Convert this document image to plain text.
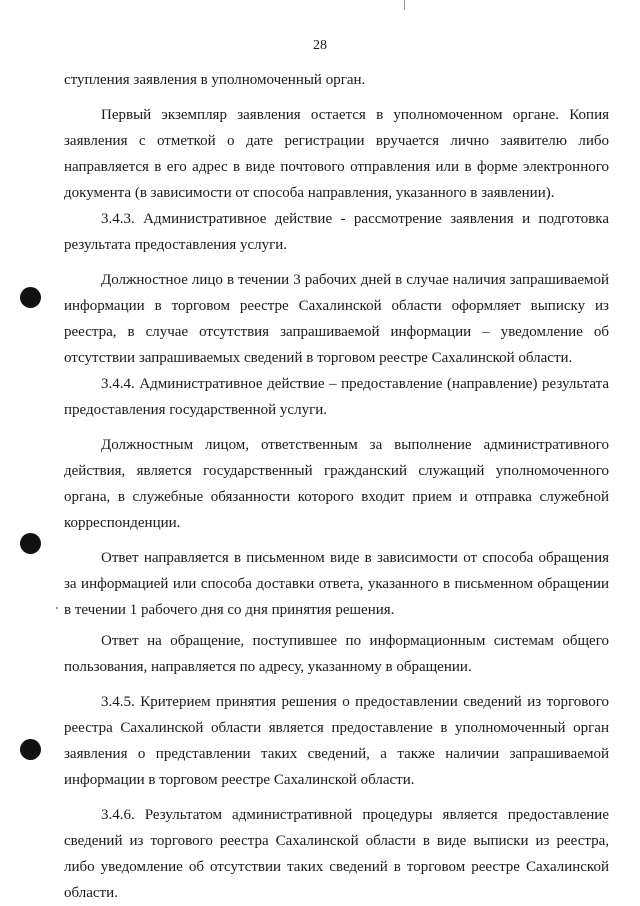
28

ступления заявления в уполномоченный орган.

Первый экземпляр заявления остается в уполномоченном органе. Копия заявления с отметкой о дате регистрации вручается лично заявителю либо направляется в его адрес в виде почтового отправления или в форме электронного документа (в зависимости от способа направления, указанного в заявлении).

3.4.3. Административное действие - рассмотрение заявления и подготовка результата предоставления услуги.

Должностное лицо в течении 3 рабочих дней в случае наличия запрашиваемой информации в торговом реестре Сахалинской области оформляет выписку из реестра, в случае отсутствия запрашиваемой информации – уведомление об отсутствии запрашиваемых сведений в торговом реестре Сахалинской области.

3.4.4. Административное действие – предоставление (направление) результата предоставления государственной услуги.

Должностным лицом, ответственным за выполнение административного действия, является государственный гражданский служащий уполномоченного органа, в служебные обязанности которого входит прием и отправка служебной корреспонденции.

Ответ направляется в письменном виде в зависимости от способа обращения за информацией или способа доставки ответа, указанного в письменном обращении в течении 1 рабочего дня со дня принятия решения.

Ответ на обращение, поступившее по информационным системам общего пользования, направляется по адресу, указанному в обращении.

3.4.5. Критерием принятия решения о предоставлении сведений из торгового реестра Сахалинской области является предоставление в уполномоченный орган заявления о представлении таких сведений, а также наличии запрашиваемой информации в торговом реестре Сахалинской области.

3.4.6. Результатом административной процедуры является предоставление сведений из торгового реестра Сахалинской области в виде выписки из реестра, либо уведомление об отсутствии таких сведений в торговом реестре Сахалинской области.
